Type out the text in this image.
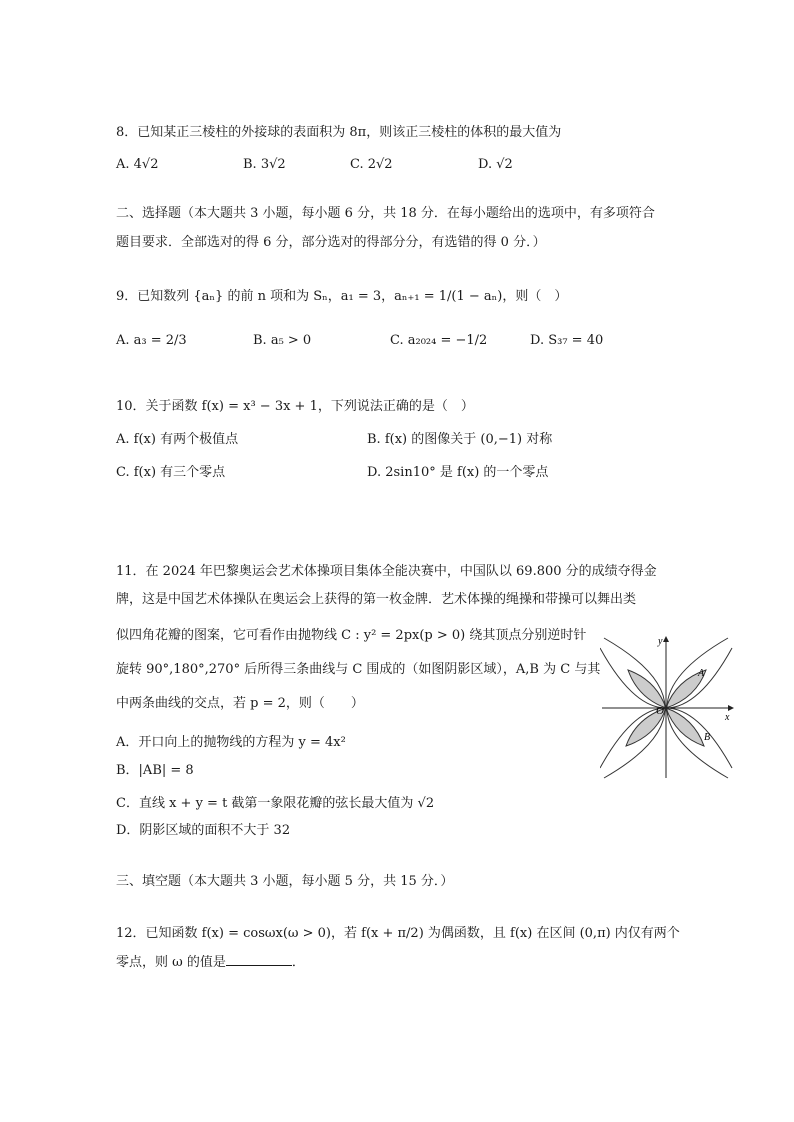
8．已知某正三棱柱的外接球的表面积为 8π，则该正三棱柱的体积的最大值为
A. 4√2	B. 3√2	C. 2√2	D. √2
二、选择题（本大题共 3 小题，每小题 6 分，共 18 分．在每小题给出的选项中，有多项符合
题目要求．全部选对的得 6 分，部分选对的得部分分，有选错的得 0 分．）
9．已知数列 {aₙ} 的前 n 项和为 Sₙ，a₁ = 3，aₙ₊₁ = 1/(1 − aₙ)，则（　）
A. a₃ = 2/3	B. a₅ > 0	C. a₂₀₂₄ = −1/2	D. S₃₇ = 40
10．关于函数 f(x) = x³ − 3x + 1，下列说法正确的是（　）
A. f(x) 有两个极值点	B. f(x) 的图像关于 (0,−1) 对称
C. f(x) 有三个零点	D. 2sin10° 是 f(x) 的一个零点
11．在 2024 年巴黎奥运会艺术体操项目集体全能决赛中，中国队以 69.800 分的成绩夺得金
牌，这是中国艺术体操队在奥运会上获得的第一枚金牌．艺术体操的绳操和带操可以舞出类
似四角花瓣的图案，它可看作由抛物线 C : y² = 2px(p > 0) 绕其顶点分别逆时针
旋转 90°,180°,270° 后所得三条曲线与 C 围成的（如图阴影区域），A,B 为 C 与其
中两条曲线的交点，若 p = 2，则（　　）
A．开口向上的抛物线的方程为 y = 4x²
B．|AB| = 8
C．直线 x + y = t 截第一象限花瓣的弦长最大值为 √2
D．阴影区域的面积不大于 32
y
x
O
A
B
三、填空题（本大题共 3 小题，每小题 5 分，共 15 分．）
12．已知函数 f(x) = cosωx(ω > 0)，若 f(x + π/2) 为偶函数，且 f(x) 在区间 (0,π) 内仅有两个
零点，则 ω 的值是	．
